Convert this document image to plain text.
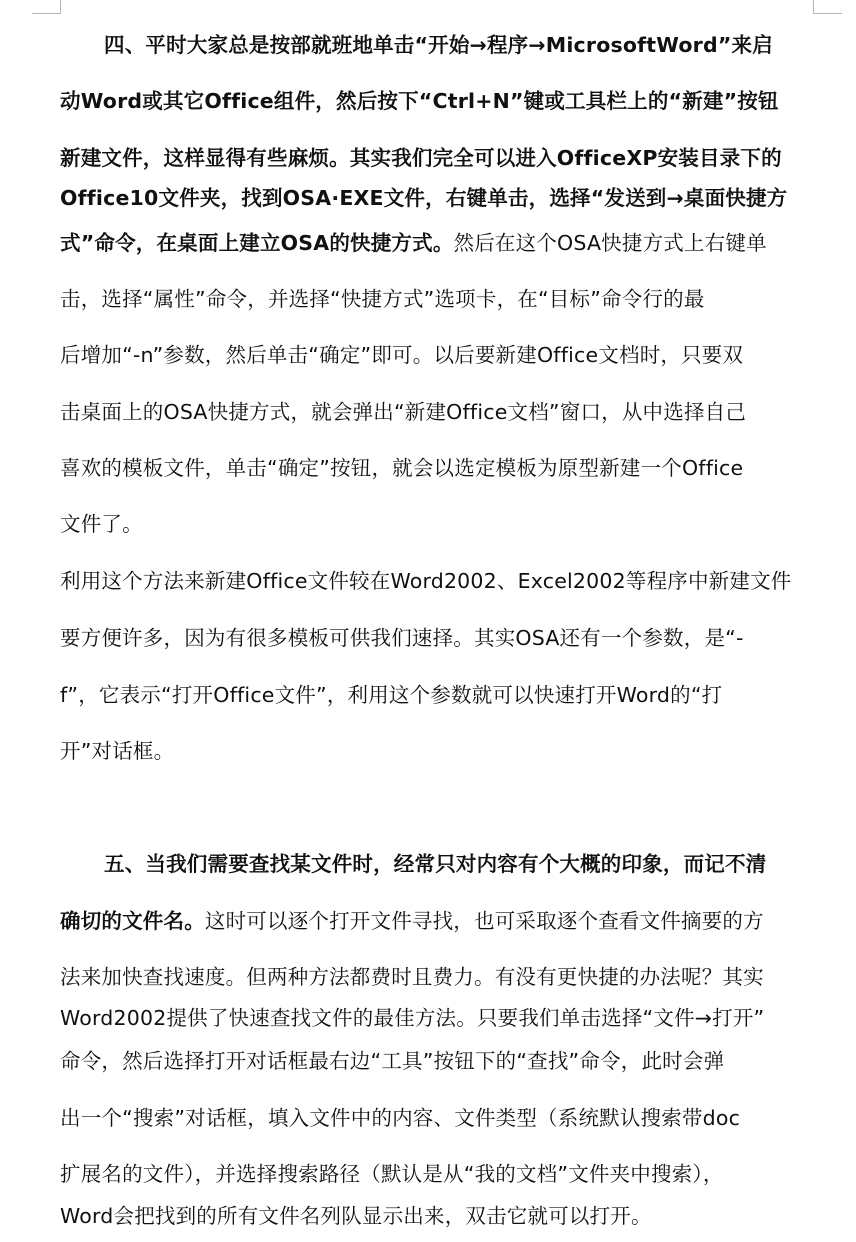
四、平时大家总是按部就班地单击“开始→程序→MicrosoftWord”来启
动Word或其它Office组件，然后按下“Ctrl+N”键或工具栏上的“新建”按钮
新建文件，这样显得有些麻烦。其实我们完全可以进入OfficeXP安装目录下的
Office10文件夹，找到OSA·EXE文件，右键单击，选择“发送到→桌面快捷方
式”命令，在桌面上建立OSA的快捷方式。然后在这个OSA快捷方式上右键单
击，选择“属性”命令，并选择“快捷方式”选项卡，在“目标”命令行的最
后增加“-n”参数，然后单击“确定”即可。以后要新建Office文档时，只要双
击桌面上的OSA快捷方式，就会弹出“新建Office文档”窗口，从中选择自己
喜欢的模板文件，单击“确定”按钮，就会以选定模板为原型新建一个Office
文件了。
利用这个方法来新建Office文件较在Word2002、Excel2002等程序中新建文件
要方便许多，因为有很多模板可供我们速择。其实OSA还有一个参数，是“-
f”，它表示“打开Office文件”，利用这个参数就可以快速打开Word的“打
开”对话框。
五、当我们需要查找某文件时，经常只对内容有个大概的印象，而记不清
确切的文件名。这时可以逐个打开文件寻找，也可采取逐个查看文件摘要的方
法来加快查找速度。但两种方法都费时且费力。有没有更快捷的办法呢？其实
Word2002提供了快速查找文件的最佳方法。只要我们单击选择“文件→打开”
命令，然后选择打开对话框最右边“工具”按钮下的“查找”命令，此时会弹
出一个“搜索”对话框，填入文件中的内容、文件类型（系统默认搜索带doc
扩展名的文件），并选择搜索路径（默认是从“我的文档”文件夹中搜索），
Word会把找到的所有文件名列队显示出来，双击它就可以打开。
